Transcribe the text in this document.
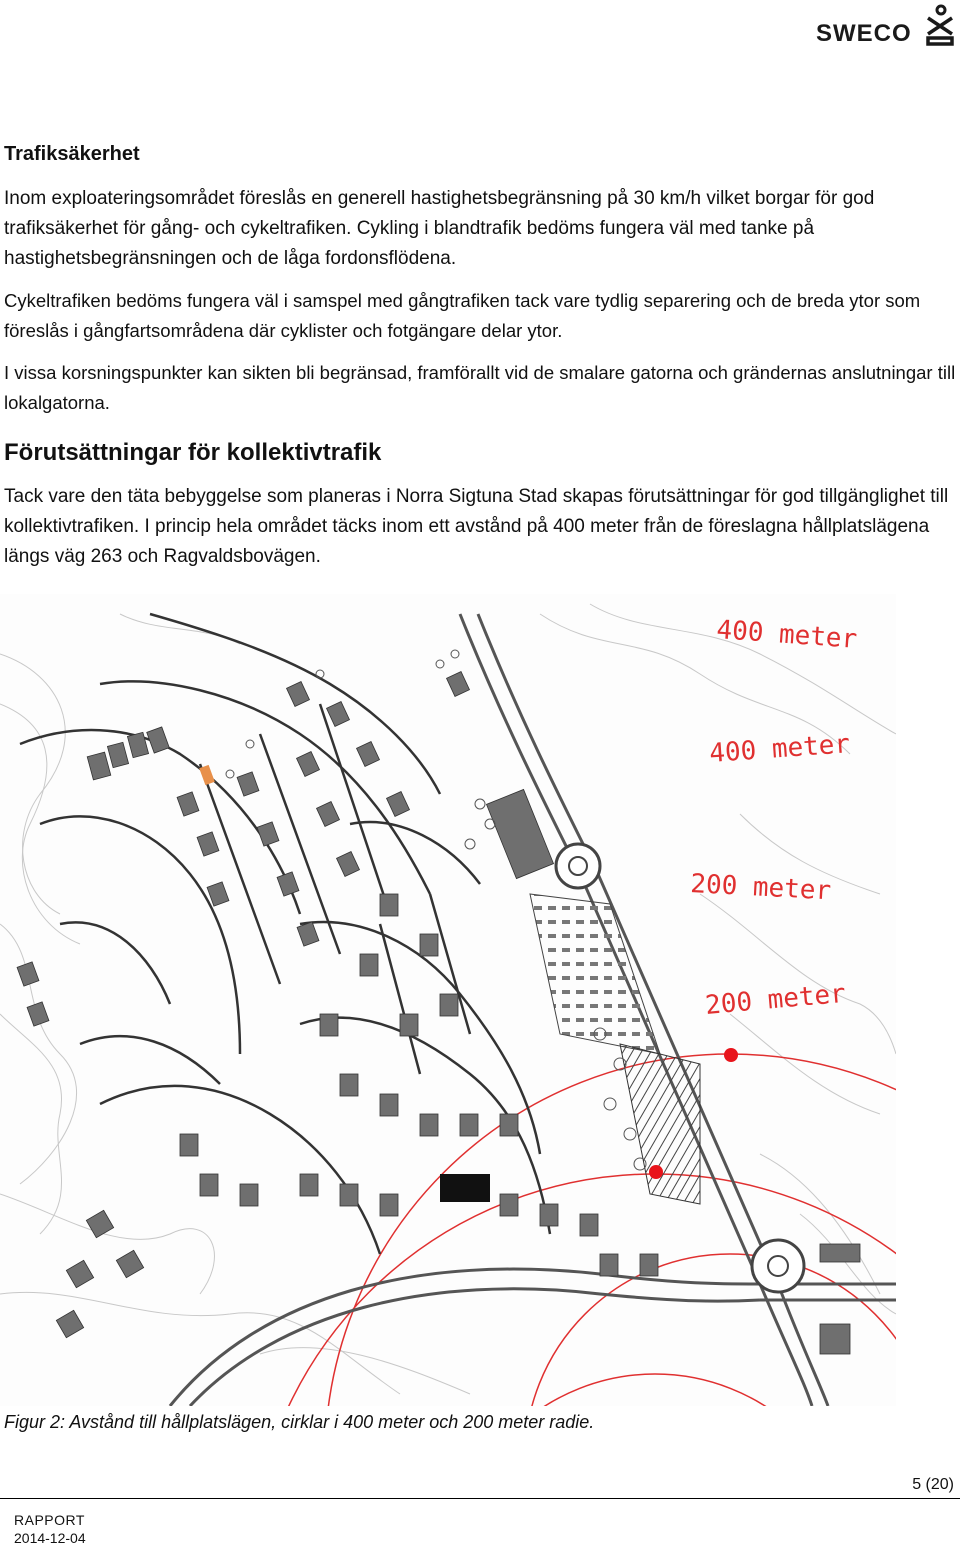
SWECO
Trafiksäkerhet

Inom exploateringsområdet föreslås en generell hastighetsbegränsning på 30 km/h vilket borgar för god trafiksäkerhet för gång- och cykeltrafiken. Cykling i blandtrafik bedöms fungera väl med tanke på hastighetsbegränsningen och de låga fordonsflödena.

Cykeltrafiken bedöms fungera väl i samspel med gångtrafiken tack vare tydlig separering och de breda ytor som föreslås i gångfartsområdena där cyklister och fotgängare delar ytor.

I vissa korsningspunkter kan sikten bli begränsad, framförallt vid de smalare gatorna och grändernas anslutningar till lokalgatorna.

Förutsättningar för kollektivtrafik

Tack vare den täta bebyggelse som planeras i Norra Sigtuna Stad skapas förutsättningar för god tillgänglighet till kollektivtrafiken. I princip hela området täcks inom ett avstånd på 400 meter från de föreslagna hållplatslägena längs väg 263 och Ragvaldsbovägen.

400 meter
400 meter
200 meter
200 meter
Figur 2: Avstånd till hållplatslägen, cirklar i 400 meter och 200 meter radie.
5 (20)
RAPPORT
2014-12-04
